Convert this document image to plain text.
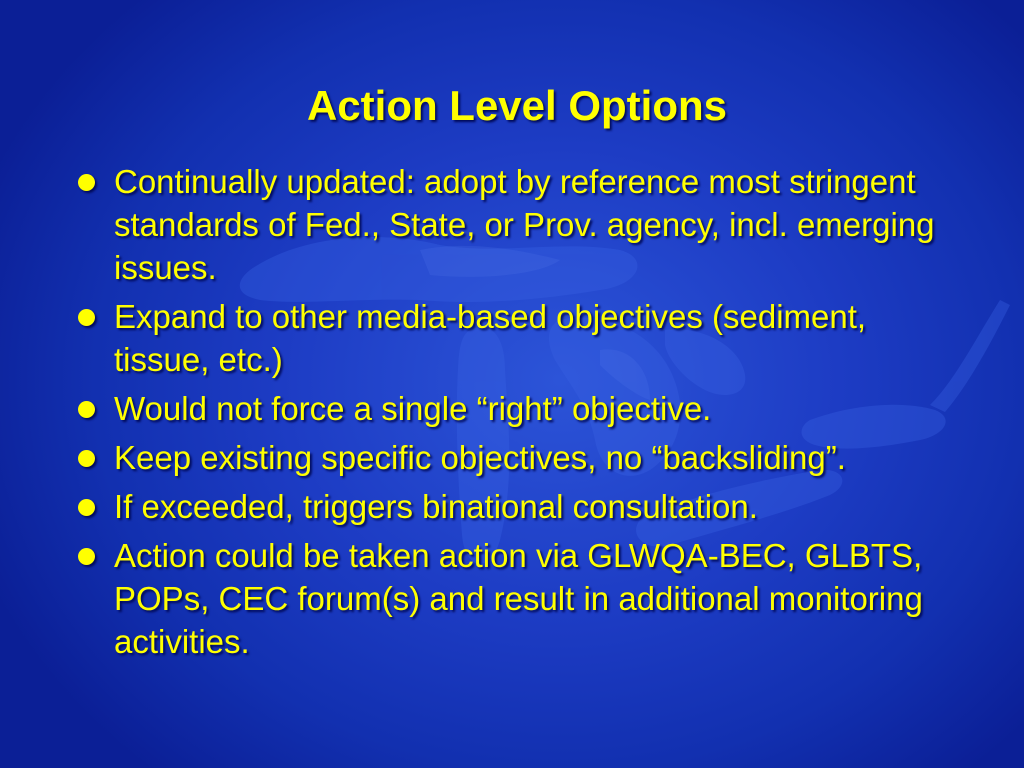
Action Level Options
Continually updated: adopt by reference most stringent standards of Fed., State, or Prov. agency, incl. emerging issues.
Expand to other media-based objectives (sediment, tissue, etc.)
Would not force a single “right” objective.
Keep existing specific objectives, no “backsliding”.
If exceeded, triggers binational consultation.
Action could be taken action via GLWQA-BEC, GLBTS, POPs, CEC forum(s) and result in additional monitoring activities.
